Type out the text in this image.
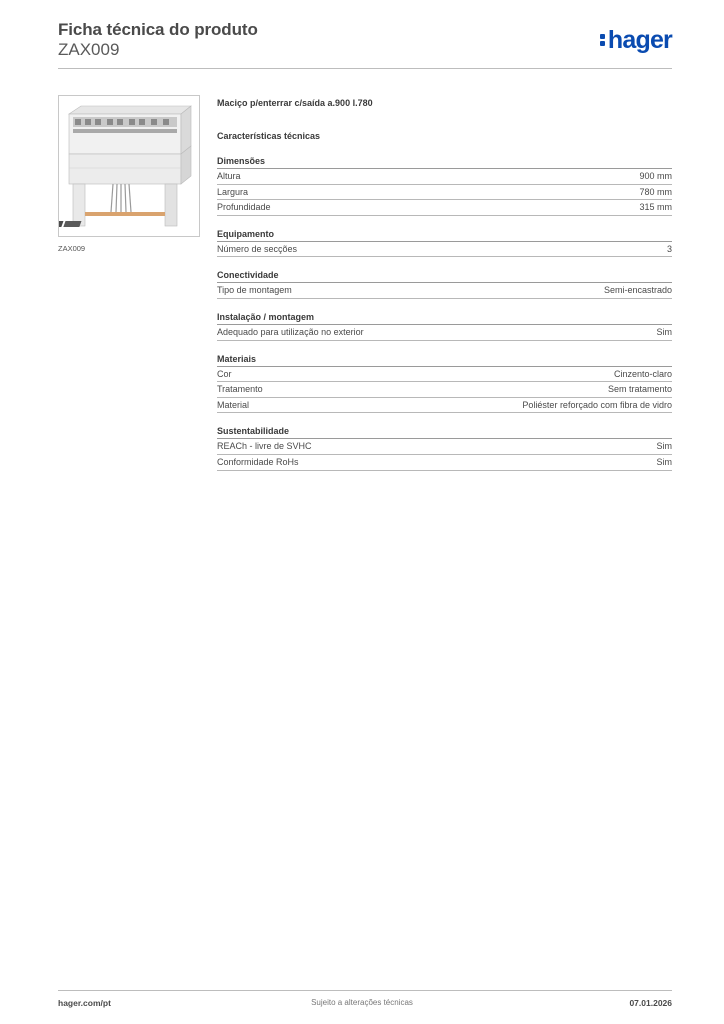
Ficha técnica do produto
ZAX009	hager
ZAX009
Maciço p/enterrar c/saída a.900 l.780
Características técnicas
Dimensões
Altura	900 mm
Largura	780 mm
Profundidade	315 mm
Equipamento
Número de secções	3
Conectividade
Tipo de montagem	Semi-encastrado
Instalação / montagem
Adequado para utilização no exterior	Sim
Materiais
Cor	Cinzento-claro
Tratamento	Sem tratamento
Material	Poliéster reforçado com fibra de vidro
Sustentabilidade
REACh - livre de SVHC	Sim
Conformidade RoHs	Sim
hager.com/pt	Sujeito a alterações técnicas	07.01.2026
